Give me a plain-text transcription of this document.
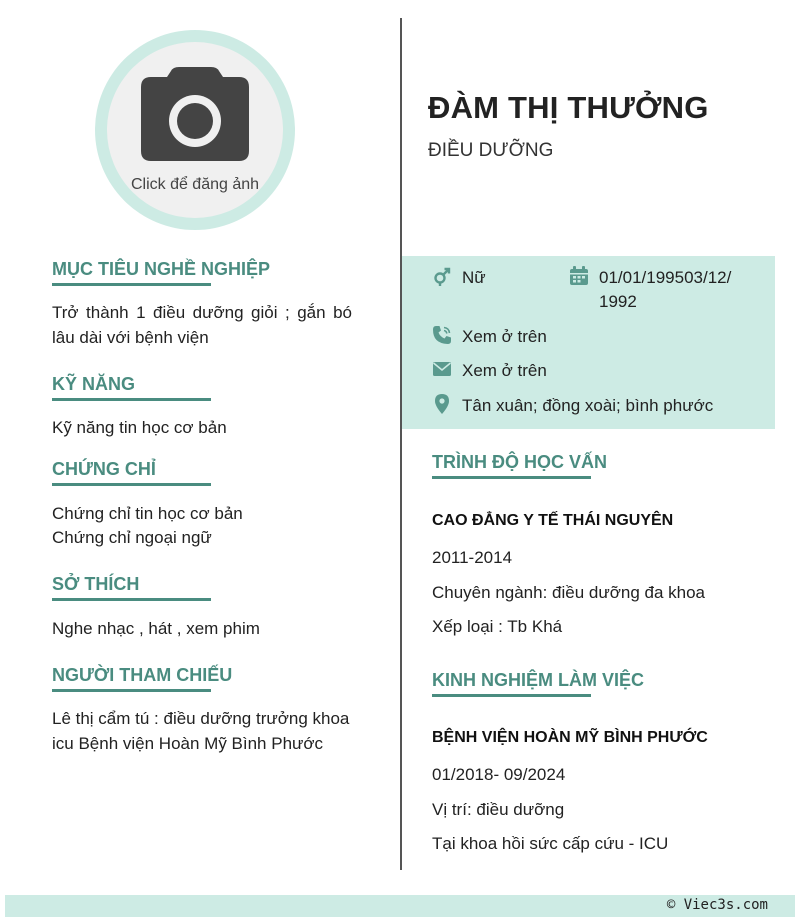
Click để đăng ảnh
MỤC TIÊU NGHỀ NGHIỆP
Trở thành 1 điều dưỡng giỏi ; gắn bó lâu dài với bệnh viện
KỸ NĂNG
Kỹ năng tin học cơ bản
CHỨNG CHỈ
Chứng chỉ tin học cơ bản
Chứng chỉ ngoại ngữ
SỞ THÍCH
Nghe nhạc , hát , xem phim
NGƯỜI THAM CHIẾU
Lê thị cẩm tú : điều dưỡng trưởng khoa icu Bệnh viện Hoàn Mỹ Bình Phước
ĐÀM THỊ THƯỞNG
ĐIỀU DƯỠNG
Nữ	01/01/199503/12/1992
Xem ở trên
Xem ở trên
Tân xuân; đồng xoài; bình phước
TRÌNH ĐỘ HỌC VẤN
CAO ĐẲNG Y TẾ THÁI NGUYÊN
2011-2014
Chuyên ngành: điều dưỡng đa khoa
Xếp loại : Tb Khá
KINH NGHIỆM LÀM VIỆC
BỆNH VIỆN HOÀN MỸ BÌNH PHƯỚC
01/2018- 09/2024
Vị trí: điều dưỡng
Tại khoa hồi sức cấp cứu - ICU
© Viec3s.com
